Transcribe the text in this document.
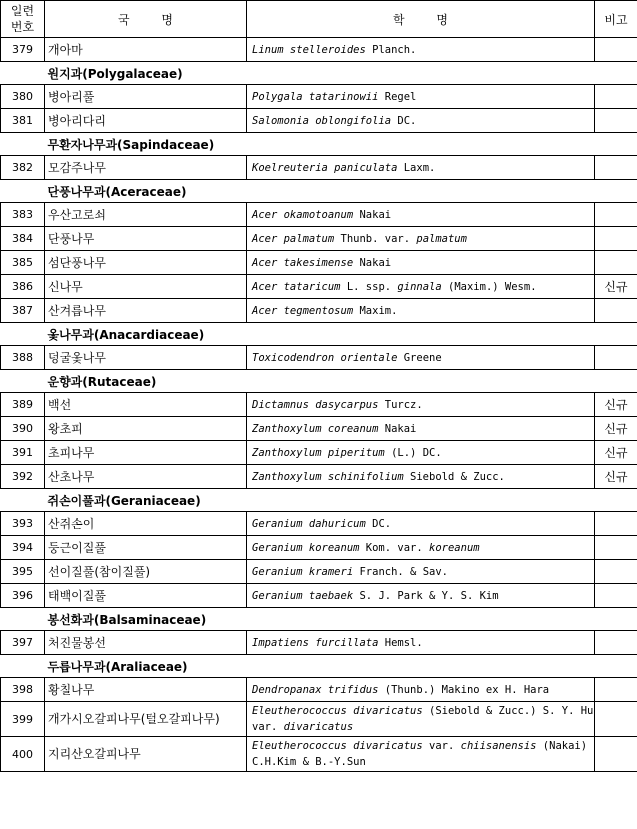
일련
번호	국 명	학 명	비고
379	개아마	Linum stelleroides Planch.	
원지과(Polygalaceae)			
380	병아리풀	Polygala tatarinowii Regel	
381	병아리다리	Salomonia oblongifolia DC.	
무환자나무과(Sapindaceae)			
382	모감주나무	Koelreuteria paniculata Laxm.	
단풍나무과(Aceraceae)			
383	우산고로쇠	Acer okamotoanum Nakai	
384	단풍나무	Acer palmatum Thunb. var. palmatum	
385	섬단풍나무	Acer takesimense Nakai	
386	신나무	Acer tataricum L. ssp. ginnala (Maxim.) Wesm.	신규
387	산겨릅나무	Acer tegmentosum Maxim.	
옻나무과(Anacardiaceae)			
388	덩굴옻나무	Toxicodendron orientale Greene	
운향과(Rutaceae)			
389	백선	Dictamnus dasycarpus Turcz.	신규
390	왕초피	Zanthoxylum coreanum Nakai	신규
391	초피나무	Zanthoxylum piperitum (L.) DC.	신규
392	산초나무	Zanthoxylum schinifolium Siebold & Zucc.	신규
쥐손이풀과(Geraniaceae)			
393	산쥐손이	Geranium dahuricum DC.	
394	둥근이질풀	Geranium koreanum Kom. var. koreanum	
395	선이질풀(참이질풀)	Geranium krameri Franch. & Sav.	
396	태백이질풀	Geranium taebaek S. J. Park & Y. S. Kim	
봉선화과(Balsaminaceae)			
397	처진물봉선	Impatiens furcillata Hemsl.	
두릅나무과(Araliaceae)			
398	황칠나무	Dendropanax trifidus (Thunb.) Makino ex H. Hara	
399	개가시오갈피나무(털오갈피나무)	Eleutherococcus divaricatus (Siebold & Zucc.) S. Y. Hu var. divaricatus	
400	지리산오갈피나무	Eleutherococcus divaricatus var. chiisanensis (Nakai) C.H.Kim & B.-Y.Sun	
